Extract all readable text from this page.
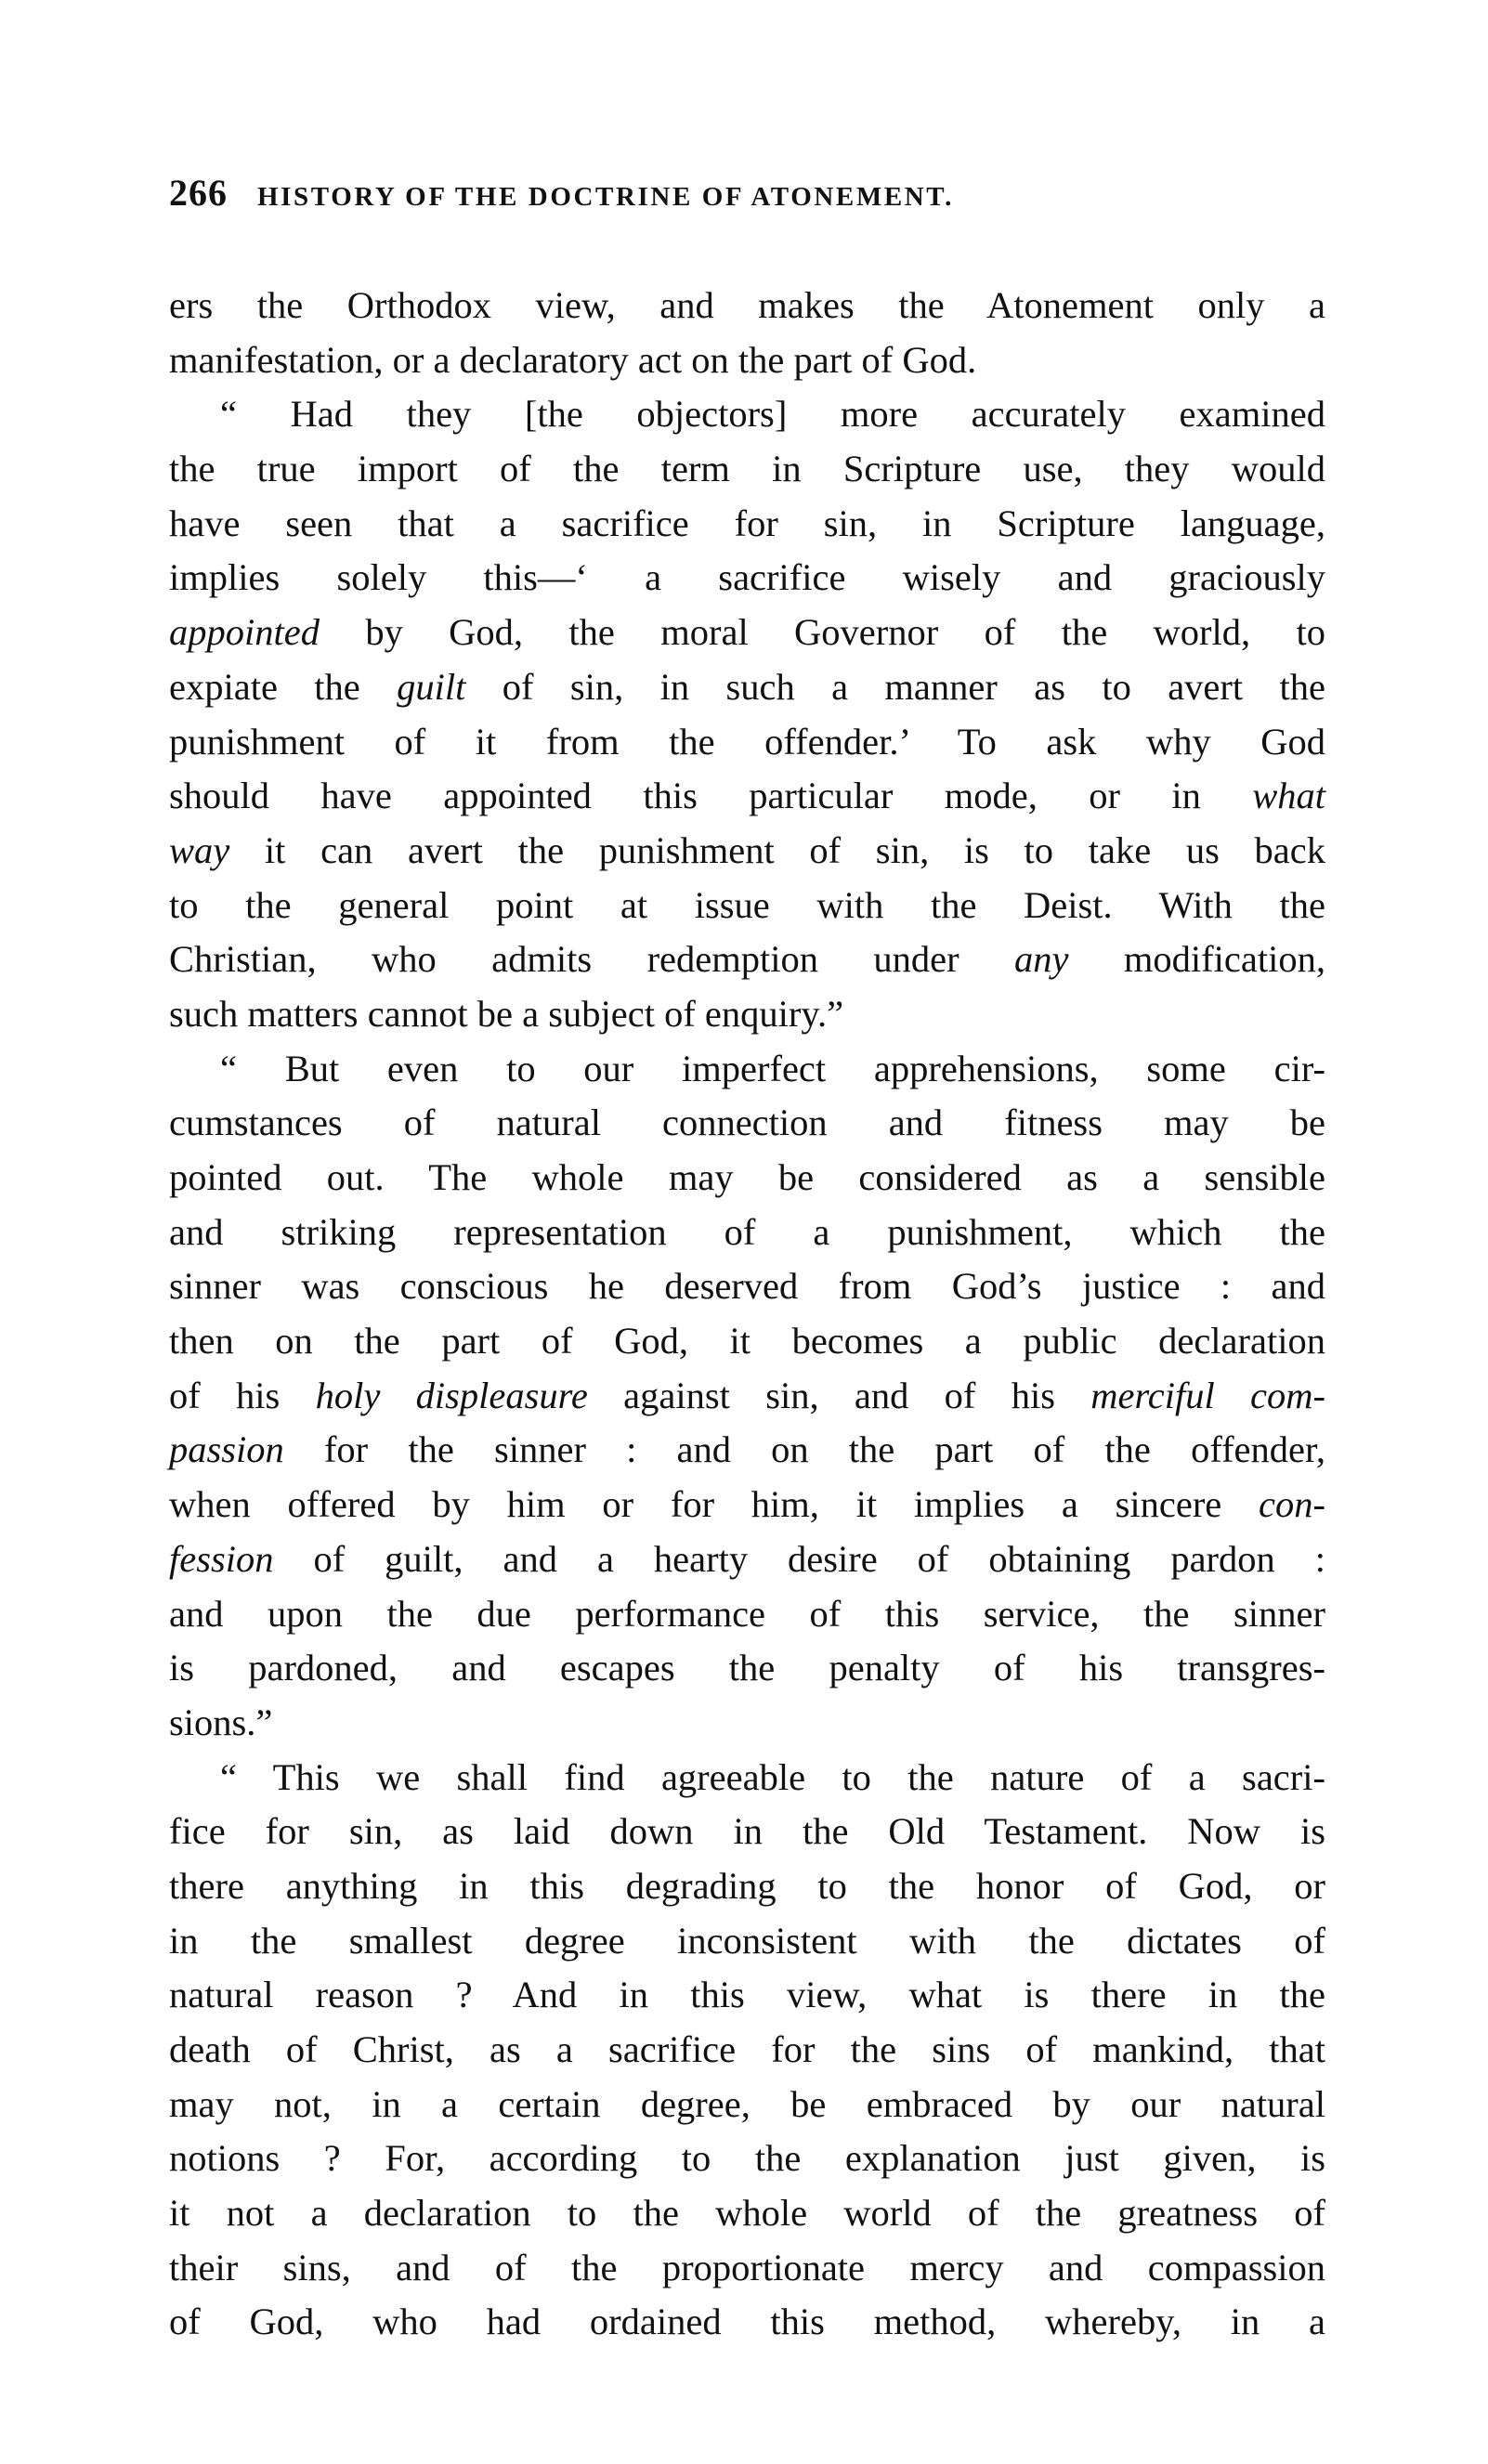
266 HISTORY OF THE DOCTRINE OF ATONEMENT.
ers the Orthodox view, and makes the Atonement only a
manifestation, or a declaratory act on the part of God.
“ Had they [the objectors] more accurately examined
the true import of the term in Scripture use, they would
have seen that a sacrifice for sin, in Scripture language,
implies solely this—‘ a sacrifice wisely and graciously
appointed by God, the moral Governor of the world, to
expiate the guilt of sin, in such a manner as to avert the
punishment of it from the offender.’ To ask why God
should have appointed this particular mode, or in what
way it can avert the punishment of sin, is to take us back
to the general point at issue with the Deist. With the
Christian, who admits redemption under any modification,
such matters cannot be a subject of enquiry.”
“ But even to our imperfect apprehensions, some cir-
cumstances of natural connection and fitness may be
pointed out. The whole may be considered as a sensible
and striking representation of a punishment, which the
sinner was conscious he deserved from God’s justice : and
then on the part of God, it becomes a public declaration
of his holy displeasure against sin, and of his merciful com-
passion for the sinner : and on the part of the offender,
when offered by him or for him, it implies a sincere con-
fession of guilt, and a hearty desire of obtaining pardon :
and upon the due performance of this service, the sinner
is pardoned, and escapes the penalty of his transgres-
sions.”
“ This we shall find agreeable to the nature of a sacri-
fice for sin, as laid down in the Old Testament. Now is
there anything in this degrading to the honor of God, or
in the smallest degree inconsistent with the dictates of
natural reason ? And in this view, what is there in the
death of Christ, as a sacrifice for the sins of mankind, that
may not, in a certain degree, be embraced by our natural
notions ? For, according to the explanation just given, is
it not a declaration to the whole world of the greatness of
their sins, and of the proportionate mercy and compassion
of God, who had ordained this method, whereby, in a
